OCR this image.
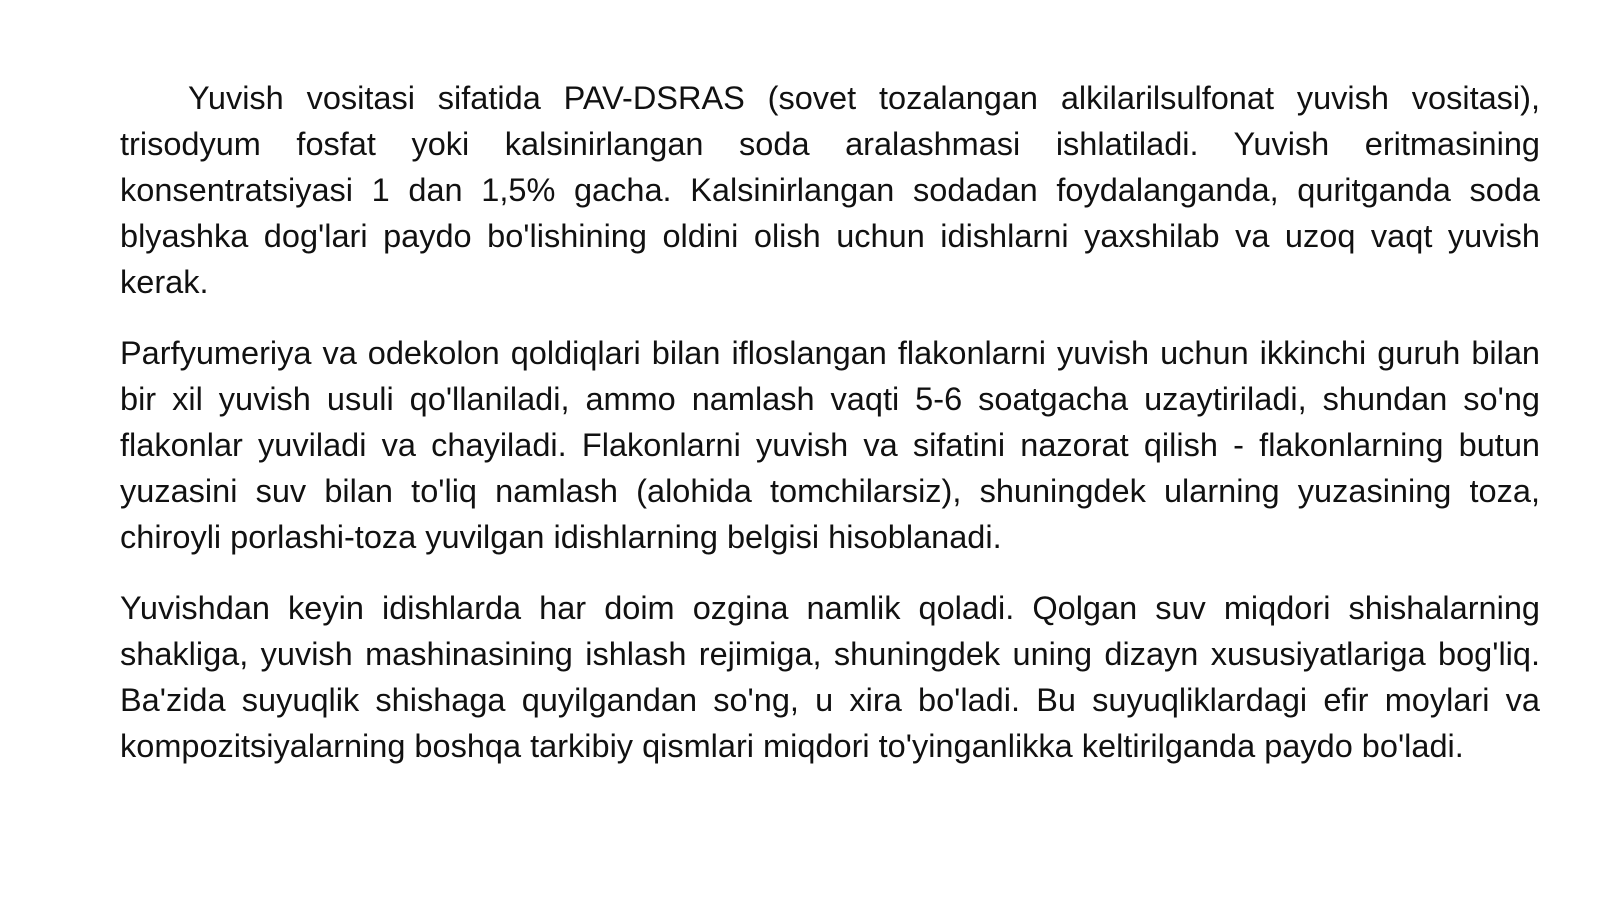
Yuvish vositasi sifatida PAV-DSRAS (sovet tozalangan alkilarilsulfonat yuvish vositasi), trisodyum fosfat yoki kalsinirlangan soda aralashmasi ishlatiladi. Yuvish eritmasining konsentratsiyasi 1 dan 1,5% gacha. Kalsinirlangan sodadan foydalanganda, quritganda soda blyashka dog'lari paydo bo'lishining oldini olish uchun idishlarni yaxshilab va uzoq vaqt yuvish kerak.

Parfyumeriya va odekolon qoldiqlari bilan ifloslangan flakonlarni yuvish uchun ikkinchi guruh bilan bir xil yuvish usuli qo'llaniladi, ammo namlash vaqti 5-6 soatgacha uzaytiriladi, shundan so'ng flakonlar yuviladi va chayiladi. Flakonlarni yuvish va sifatini nazorat qilish - flakonlarning butun yuzasini suv bilan to'liq namlash (alohida tomchilarsiz), shuningdek ularning yuzasining toza, chiroyli porlashi-toza yuvilgan idishlarning belgisi hisoblanadi.

Yuvishdan keyin idishlarda har doim ozgina namlik qoladi. Qolgan suv miqdori shishalarning shakliga, yuvish mashinasining ishlash rejimiga, shuningdek uning dizayn xususiyatlariga bog'liq. Ba'zida suyuqlik shishaga quyilgandan so'ng, u xira bo'ladi. Bu suyuqliklardagi efir moylari va kompozitsiyalarning boshqa tarkibiy qismlari miqdori to'yinganlikka keltirilganda paydo bo'ladi.
